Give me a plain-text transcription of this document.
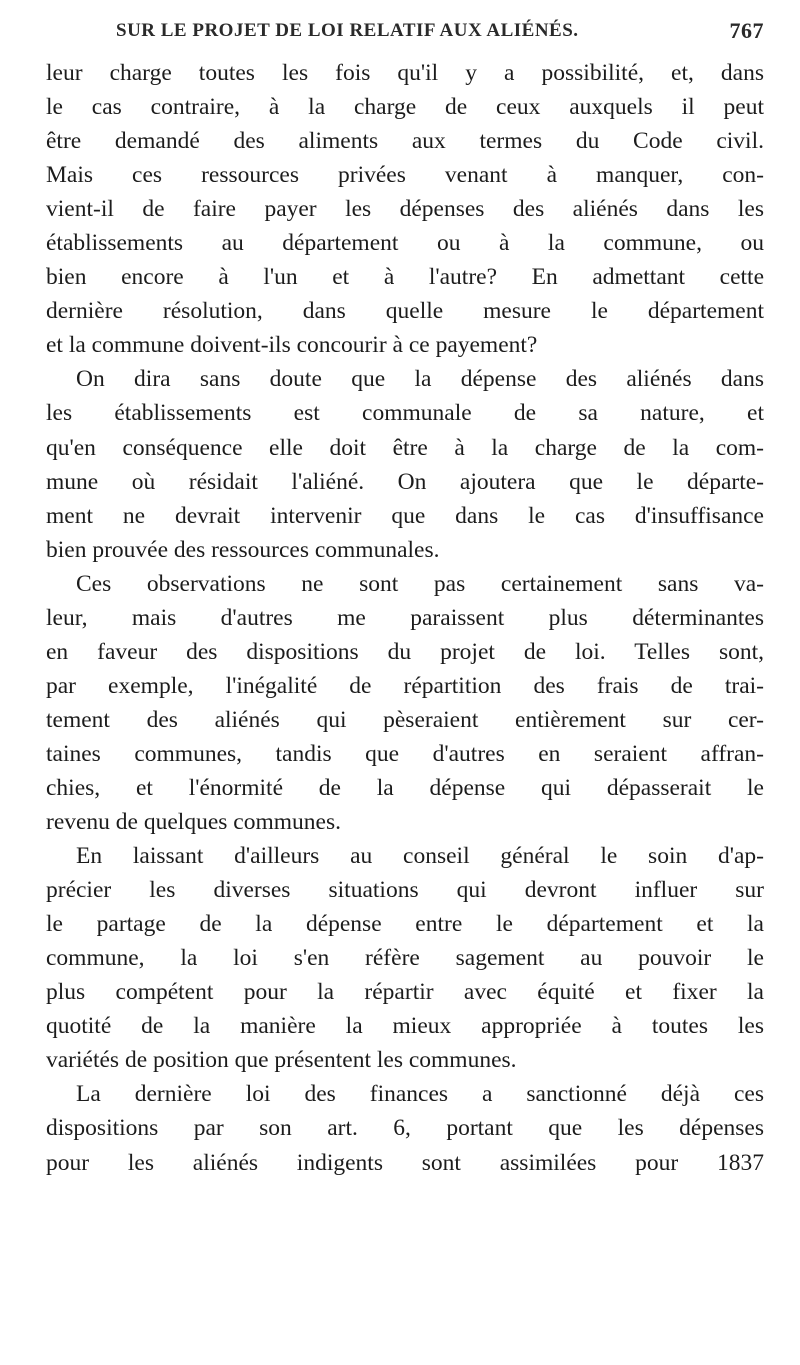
SUR LE PROJET DE LOI RELATIF AUX ALIÉNÉS.	767
leur charge toutes les fois qu'il y a possibilité, et, dans
le cas contraire, à la charge de ceux auxquels il peut
être demandé des aliments aux termes du Code civil.
Mais ces ressources privées venant à manquer, con-
vient-il de faire payer les dépenses des aliénés dans les
établissements au département ou à la commune, ou
bien encore à l'un et à l'autre? En admettant cette
dernière résolution, dans quelle mesure le département
et la commune doivent-ils concourir à ce payement?
On dira sans doute que la dépense des aliénés dans
les établissements est communale de sa nature, et
qu'en conséquence elle doit être à la charge de la com-
mune où résidait l'aliéné. On ajoutera que le départe-
ment ne devrait intervenir que dans le cas d'insuffisance
bien prouvée des ressources communales.
Ces observations ne sont pas certainement sans va-
leur, mais d'autres me paraissent plus déterminantes
en faveur des dispositions du projet de loi. Telles sont,
par exemple, l'inégalité de répartition des frais de trai-
tement des aliénés qui pèseraient entièrement sur cer-
taines communes, tandis que d'autres en seraient affran-
chies, et l'énormité de la dépense qui dépasserait le
revenu de quelques communes.
En laissant d'ailleurs au conseil général le soin d'ap-
précier les diverses situations qui devront influer sur
le partage de la dépense entre le département et la
commune, la loi s'en réfère sagement au pouvoir le
plus compétent pour la répartir avec équité et fixer la
quotité de la manière la mieux appropriée à toutes les
variétés de position que présentent les communes.
La dernière loi des finances a sanctionné déjà ces
dispositions par son art. 6, portant que les dépenses
pour les aliénés indigents sont assimilées pour 1837
